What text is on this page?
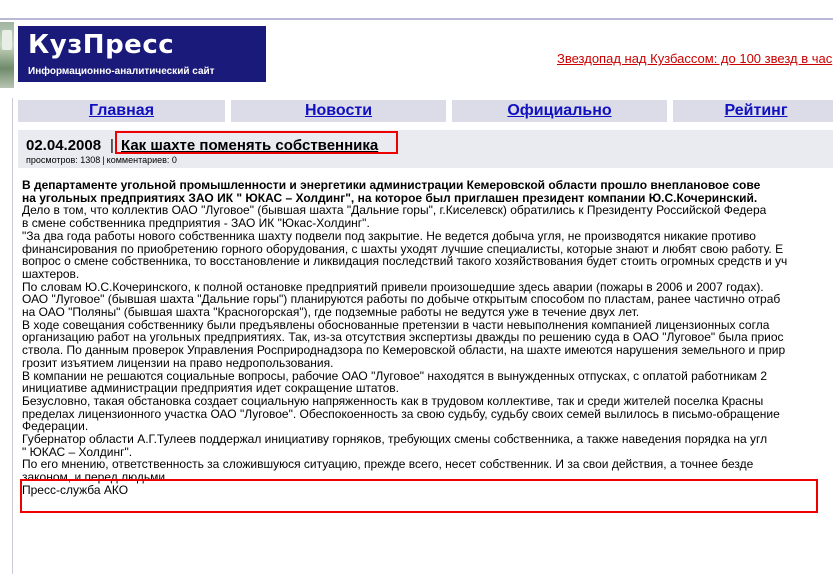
КузПресс
Информационно-аналитический сайт
Звездопад над Кузбассом: до 100 звезд в час
Главная	Новости	Официально	Рейтинг
02.04.2008 | Как шахте поменять собственника
просмотров: 1308 | комментариев: 0

В департаменте угольной промышленности и энергетики администрации Кемеровской области прошло внеплановое сове

на угольных предприятиях ЗАО ИК " ЮКАС – Холдинг", на которое был приглашен президент компании Ю.С.Кочеринский.

Дело в том, что коллектив ОАО "Луговое" (бывшая шахта "Дальние горы", г.Киселевск) обратились к Президенту Российской Федера

в смене собственника предприятия - ЗАО ИК "Юкас-Холдинг".

"За два года работы нового собственника шахту подвели под закрытие. Не ведется добыча угля, не производятся никакие противо

финансирования по приобретению горного оборудования, с шахты уходят лучшие специалисты, которые знают и любят свою работу. Е

вопрос о смене собственника, то восстановление и ликвидация последствий такого хозяйствования будет стоить огромных средств и уч

шахтеров.

По словам Ю.С.Кочеринского, к полной остановке предприятий привели произошедшие здесь аварии (пожары в 2006 и 2007 годах).

ОАО "Луговое" (бывшая шахта "Дальние горы") планируются работы по добыче открытым способом по пластам, ранее частично отраб

на ОАО "Поляны" (бывшая шахта "Красногорская"), где подземные работы не ведутся уже в течение двух лет.

В ходе совещания собственнику были предъявлены обоснованные претензии в части невыполнения компанией лицензионных согла

организацию работ на угольных предприятиях. Так, из-за отсутствия экспертизы дважды по решению суда в ОАО "Луговое" была приос

ствола. По данным проверок Управления Росприроднадзора по Кемеровской области, на шахте имеются нарушения земельного и прир

грозит изъятием лицензии на право недропользования.

В компании не решаются социальные вопросы, рабочие ОАО "Луговое" находятся в вынужденных отпусках, с оплатой работникам 2

инициативе администрации предприятия идет сокращение штатов.

Безусловно, такая обстановка создает социальную напряженность как в трудовом коллективе, так и среди жителей поселка Красны

пределах лицензионного участка ОАО "Луговое". Обеспокоенность за свою судьбу, судьбу своих семей вылилось в письмо-обращение

Федерации.

Губернатор области А.Г.Тулеев поддержал инициативу горняков, требующих смены собственника, а также наведения порядка на угл

" ЮКАС – Холдинг".

По его мнению, ответственность за сложившуюся ситуацию, прежде всего, несет собственник. И за свои действия, а точнее безде

законом, и перед людьми.

Пресс-служба АКО
